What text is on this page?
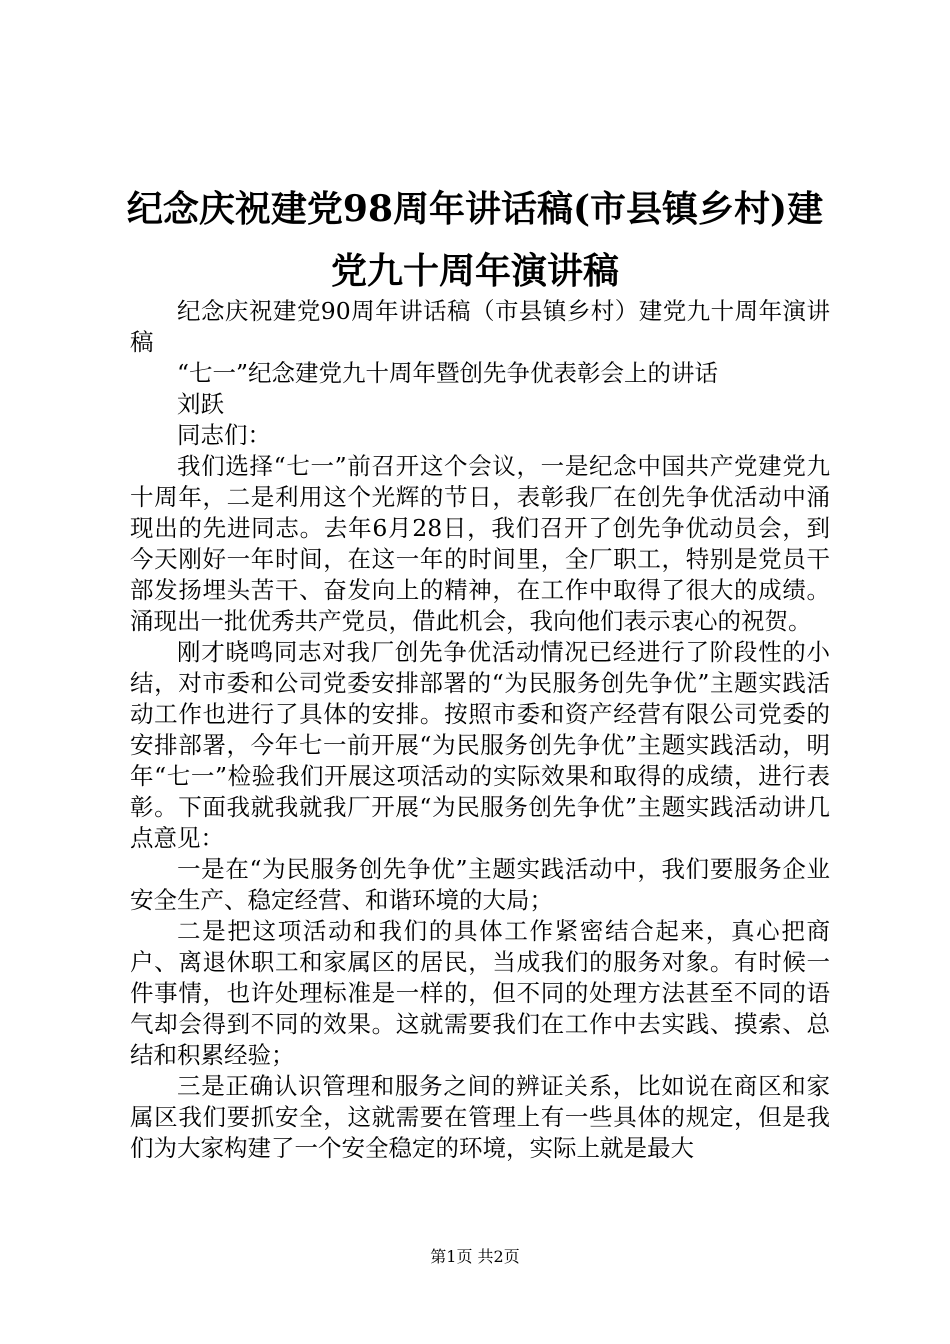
纪念庆祝建党98周年讲话稿(市县镇乡村)建党九十周年演讲稿

纪念庆祝建党90周年讲话稿（市县镇乡村）建党九十周年演讲稿

“七一”纪念建党九十周年暨创先争优表彰会上的讲话

刘跃

同志们：

我们选择“七一”前召开这个会议，一是纪念中国共产党建党九十周年，二是利用这个光辉的节日，表彰我厂在创先争优活动中涌现出的先进同志。去年6月28日，我们召开了创先争优动员会，到今天刚好一年时间，在这一年的时间里，全厂职工，特别是党员干部发扬埋头苦干、奋发向上的精神，在工作中取得了很大的成绩。涌现出一批优秀共产党员，借此机会，我向他们表示衷心的祝贺。

刚才晓鸣同志对我厂创先争优活动情况已经进行了阶段性的小结，对市委和公司党委安排部署的“为民服务创先争优”主题实践活动工作也进行了具体的安排。按照市委和资产经营有限公司党委的安排部署，今年七一前开展“为民服务创先争优”主题实践活动，明年“七一”检验我们开展这项活动的实际效果和取得的成绩，进行表彰。下面我就我就我厂开展“为民服务创先争优”主题实践活动讲几点意见：

一是在“为民服务创先争优”主题实践活动中，我们要服务企业安全生产、稳定经营、和谐环境的大局；

二是把这项活动和我们的具体工作紧密结合起来，真心把商户、离退休职工和家属区的居民，当成我们的服务对象。有时候一件事情，也许处理标准是一样的，但不同的处理方法甚至不同的语气却会得到不同的效果。这就需要我们在工作中去实践、摸索、总结和积累经验；

三是正确认识管理和服务之间的辨证关系，比如说在商区和家属区我们要抓安全，这就需要在管理上有一些具体的规定，但是我们为大家构建了一个安全稳定的环境，实际上就是最大

第1页 共2页
